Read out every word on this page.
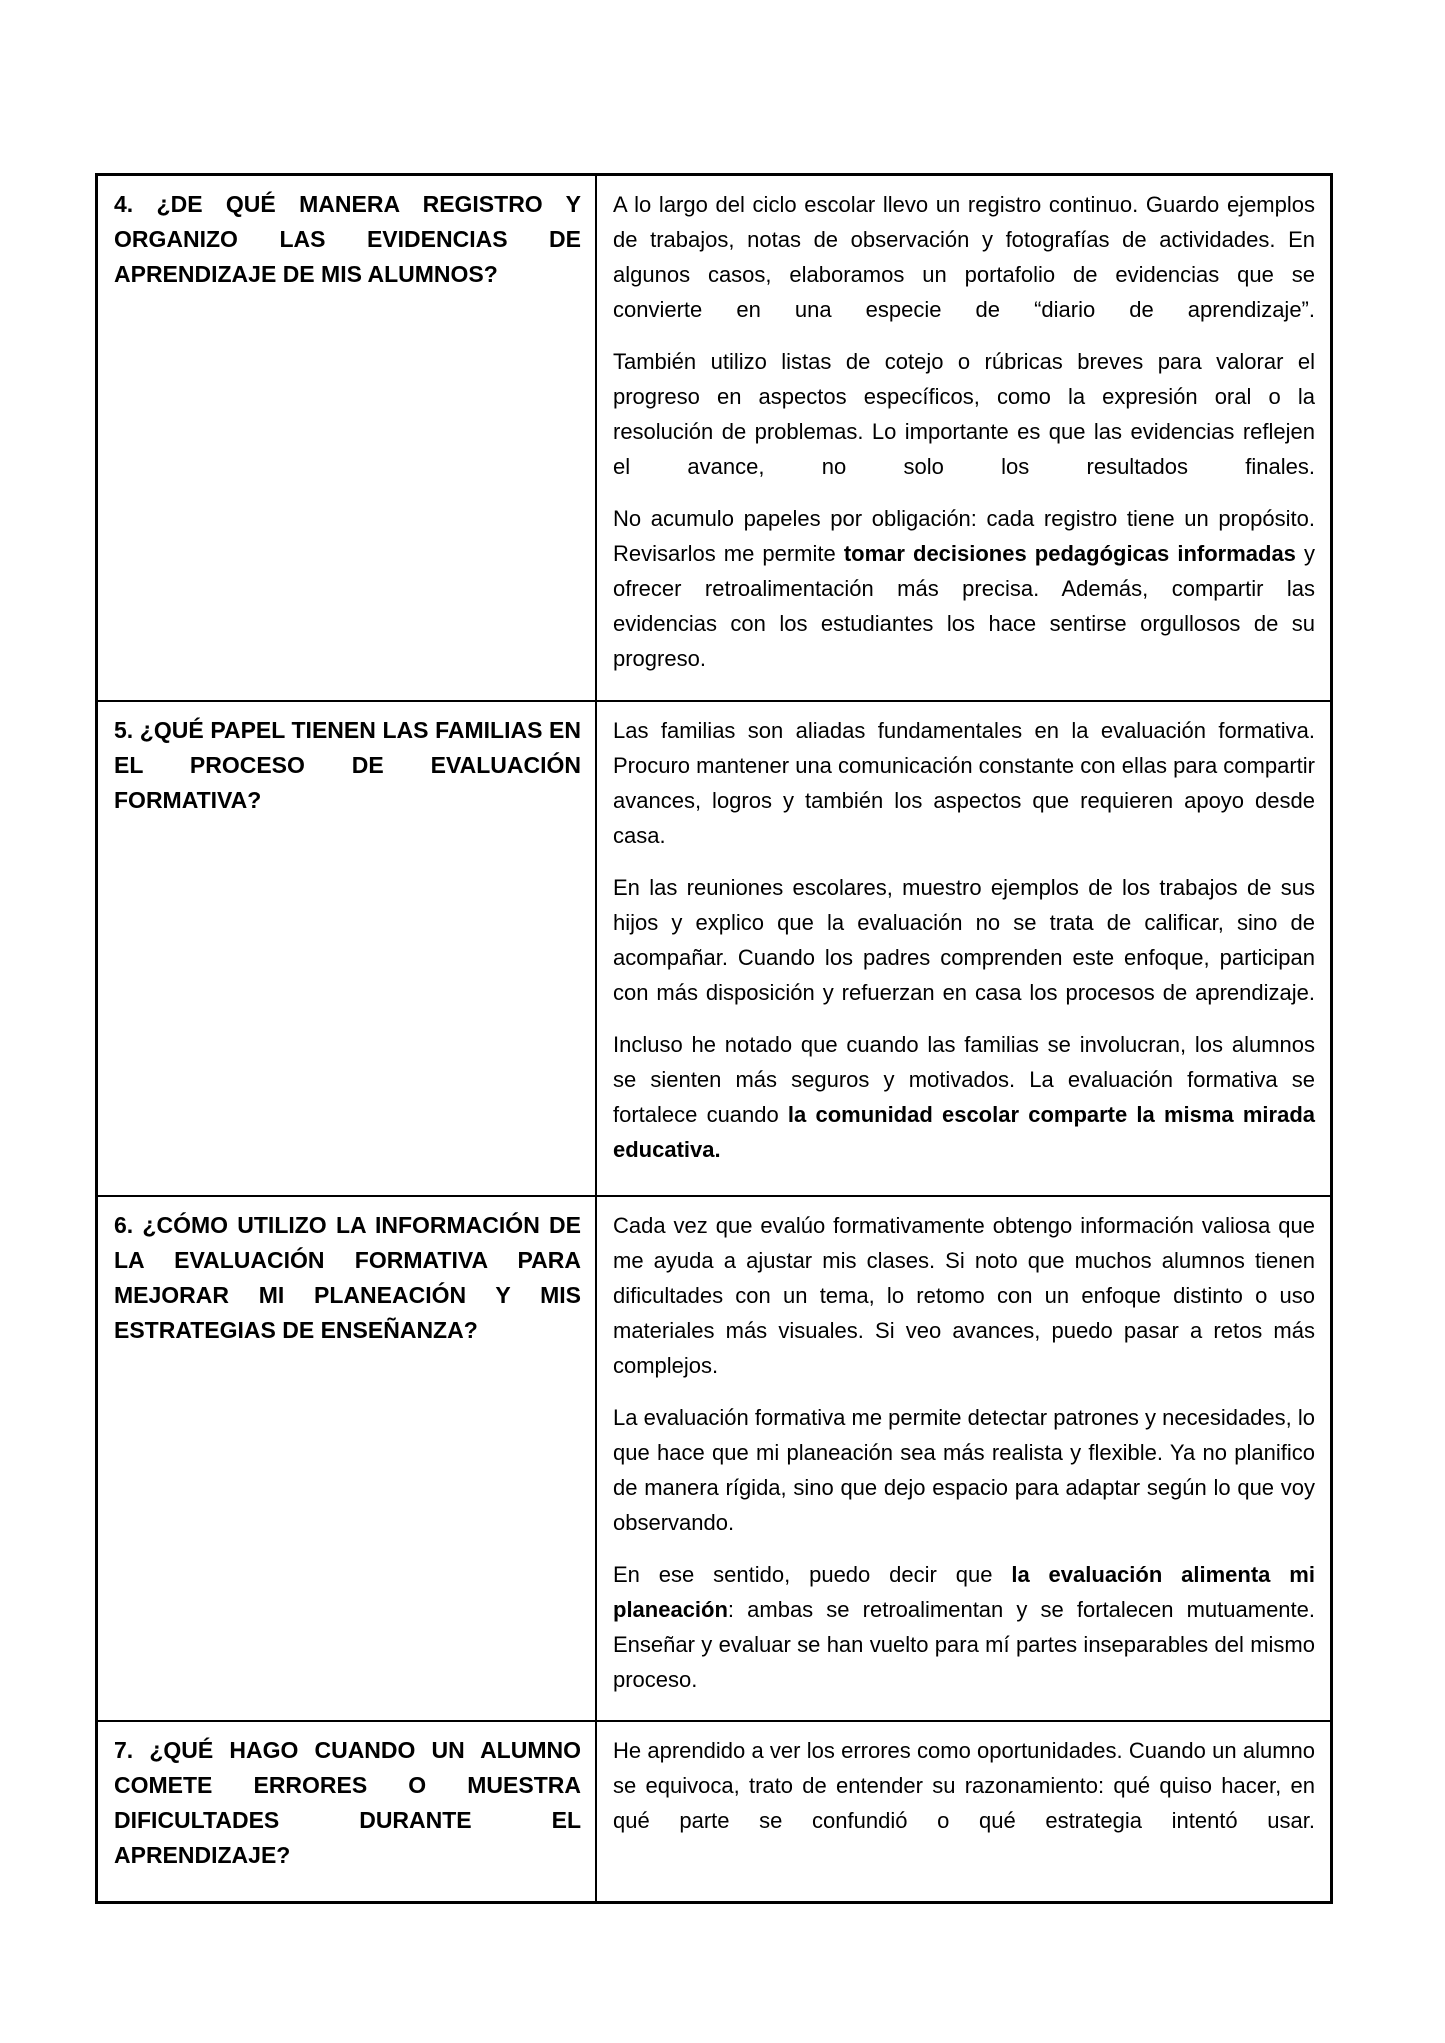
4. ¿DE QUÉ MANERA REGISTRO Y ORGANIZO LAS EVIDENCIAS DE APRENDIZAJE DE MIS ALUMNOS?	A lo largo del ciclo escolar llevo un registro continuo. Guardo ejemplos de trabajos, notas de observación y fotografías de actividades. En algunos casos, elaboramos un portafolio de evidencias que se convierte en una especie de “diario de aprendizaje”.

También utilizo listas de cotejo o rúbricas breves para valorar el progreso en aspectos específicos, como la expresión oral o la resolución de problemas. Lo importante es que las evidencias reflejen el avance, no solo los resultados finales.

No acumulo papeles por obligación: cada registro tiene un propósito. Revisarlos me permite tomar decisiones pedagógicas informadas y ofrecer retroalimentación más precisa. Además, compartir las evidencias con los estudiantes los hace sentirse orgullosos de su progreso.

5. ¿QUÉ PAPEL TIENEN LAS FAMILIAS EN EL PROCESO DE EVALUACIÓN FORMATIVA?	Las familias son aliadas fundamentales en la evaluación formativa. Procuro mantener una comunicación constante con ellas para compartir avances, logros y también los aspectos que requieren apoyo desde casa.

En las reuniones escolares, muestro ejemplos de los trabajos de sus hijos y explico que la evaluación no se trata de calificar, sino de acompañar. Cuando los padres comprenden este enfoque, participan con más disposición y refuerzan en casa los procesos de aprendizaje.

Incluso he notado que cuando las familias se involucran, los alumnos se sienten más seguros y motivados. La evaluación formativa se fortalece cuando la comunidad escolar comparte la misma mirada educativa.

6. ¿CÓMO UTILIZO LA INFORMACIÓN DE LA EVALUACIÓN FORMATIVA PARA MEJORAR MI PLANEACIÓN Y MIS ESTRATEGIAS DE ENSEÑANZA?	Cada vez que evalúo formativamente obtengo información valiosa que me ayuda a ajustar mis clases. Si noto que muchos alumnos tienen dificultades con un tema, lo retomo con un enfoque distinto o uso materiales más visuales. Si veo avances, puedo pasar a retos más complejos.

La evaluación formativa me permite detectar patrones y necesidades, lo que hace que mi planeación sea más realista y flexible. Ya no planifico de manera rígida, sino que dejo espacio para adaptar según lo que voy observando.

En ese sentido, puedo decir que la evaluación alimenta mi planeación: ambas se retroalimentan y se fortalecen mutuamente. Enseñar y evaluar se han vuelto para mí partes inseparables del mismo proceso.

7. ¿QUÉ HAGO CUANDO UN ALUMNO COMETE ERRORES O MUESTRA DIFICULTADES DURANTE EL APRENDIZAJE?	He aprendido a ver los errores como oportunidades. Cuando un alumno se equivoca, trato de entender su razonamiento: qué quiso hacer, en qué parte se confundió o qué estrategia intentó usar.
